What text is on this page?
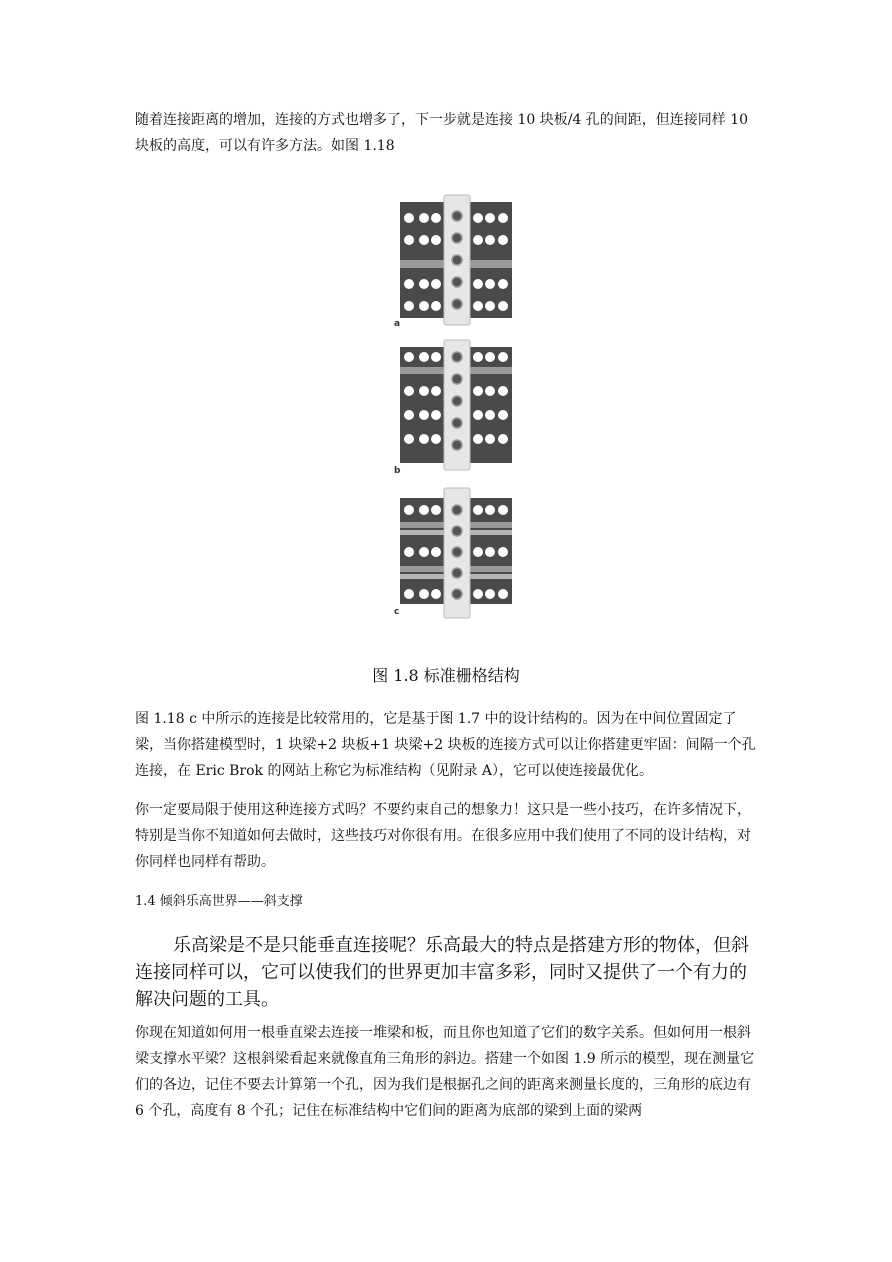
随着连接距离的增加，连接的方式也增多了，下一步就是连接 10 块板/4 孔的间距，但连接同样 10 块板的高度，可以有许多方法。如图 1.18

a
b
c

图 1.8 标准栅格结构

图 1.18 c 中所示的连接是比较常用的，它是基于图 1.7 中的设计结构的。因为在中间位置固定了梁，当你搭建模型时，1 块梁+2 块板+1 块梁+2 块板的连接方式可以让你搭建更牢固：间隔一个孔连接，在 Eric Brok 的网站上称它为标准结构（见附录 A），它可以使连接最优化。

你一定要局限于使用这种连接方式吗？不要约束自己的想象力！这只是一些小技巧，在许多情况下，特别是当你不知道如何去做时，这些技巧对你很有用。在很多应用中我们使用了不同的设计结构，对你同样也同样有帮助。

1.4 倾斜乐高世界——斜支撑

乐高梁是不是只能垂直连接呢？乐高最大的特点是搭建方形的物体，但斜连接同样可以，它可以使我们的世界更加丰富多彩，同时又提供了一个有力的解决问题的工具。

你现在知道如何用一根垂直梁去连接一堆梁和板，而且你也知道了它们的数字关系。但如何用一根斜梁支撑水平梁？这根斜梁看起来就像直角三角形的斜边。搭建一个如图 1.9 所示的模型，现在测量它们的各边，记住不要去计算第一个孔，因为我们是根据孔之间的距离来测量长度的，三角形的底边有 6 个孔，高度有 8 个孔；记住在标准结构中它们间的距离为底部的梁到上面的梁两
